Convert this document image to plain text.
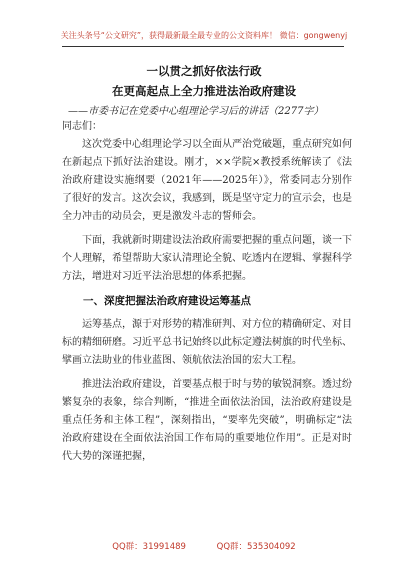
关注头条号“公文研究”，获得最新最全最专业的公文资料库！ 微信：gongwenyj
一以贯之抓好依法行政
在更高起点上全力推进法治政府建设
——市委书记在党委中心组理论学习后的讲话（2277字）

同志们：

这次党委中心组理论学习以全面从严治党破题，重点研究如何在新起点下抓好法治建设。刚才，××学院×教授系统解读了《法治政府建设实施纲要（2021年——2025年）》，常委同志分别作了很好的发言。这次会议，我感到，既是坚守定力的宣示会，也是全力冲击的动员会，更是激发斗志的誓师会。

下面，我就新时期建设法治政府需要把握的重点问题，谈一下个人理解，希望帮助大家认清理论全貌、吃透内在逻辑、掌握科学方法，增进对习近平法治思想的体系把握。

一、深度把握法治政府建设运筹基点

运筹基点，源于对形势的精准研判、对方位的精确研定、对目标的精细研磨。习近平总书记始终以此标定遵法树旗的时代坐标、擘画立法助业的伟业蓝图、领航依法治国的宏大工程。

推进法治政府建设，首要基点根于时与势的敏锐洞察。透过纷繁复杂的表象，综合判断，“推进全面依法治国，法治政府建设是重点任务和主体工程”，深刻指出，“要率先突破”，明确标定“法治政府建设在全面依法治国工作布局的重要地位作用”。正是对时代大势的深谨把握，

QQ群：31991489	QQ群：535304092
